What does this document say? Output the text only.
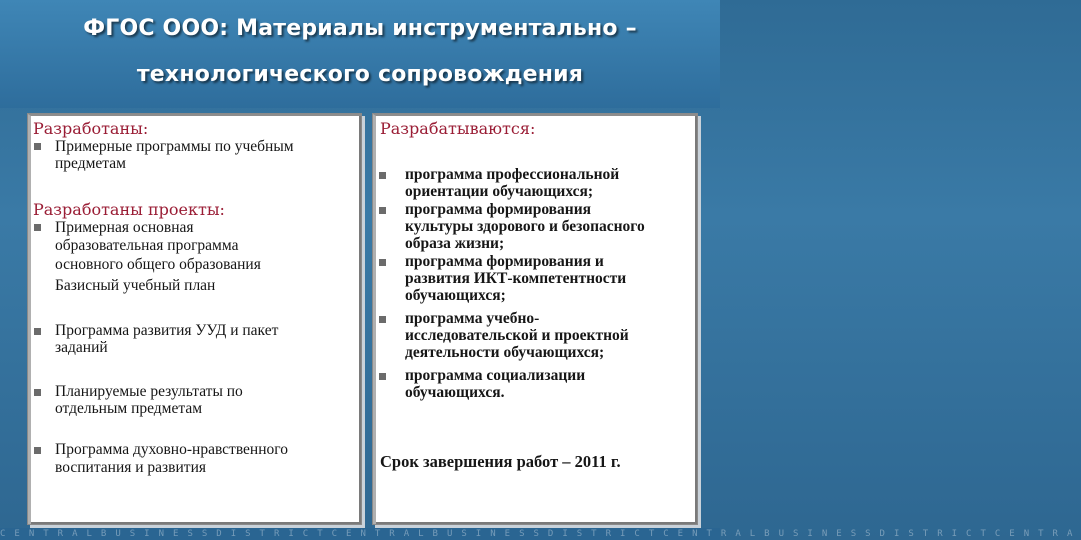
ФГОС ООО: Материалы инструментально –
технологического сопровождения
Разработаны:
Примерные программы по учебным
предметам
Разработаны проекты:
Примерная основная
образовательная программа
основного общего образования
Базисный учебный план
Программа развития УУД и пакет
заданий
Планируемые результаты по
отдельным предметам
Программа духовно-нравственного
воспитания и развития
Разрабатываются:
программа профессиональной
ориентации обучающихся;
программа формирования
культуры здорового и безопасного
образа жизни;
программа формирования и
развития ИКТ-компетентности
обучающихся;
программа учебно-
исследовательской и проектной
деятельности обучающихся;
программа социализации
обучающихся.
Срок завершения работ – 2011 г.
CENTRALBUSINESSDISTRICTCENTRALBUSINESSDISTRICTCENTRALBUSINESSDISTRICTCENTRA
